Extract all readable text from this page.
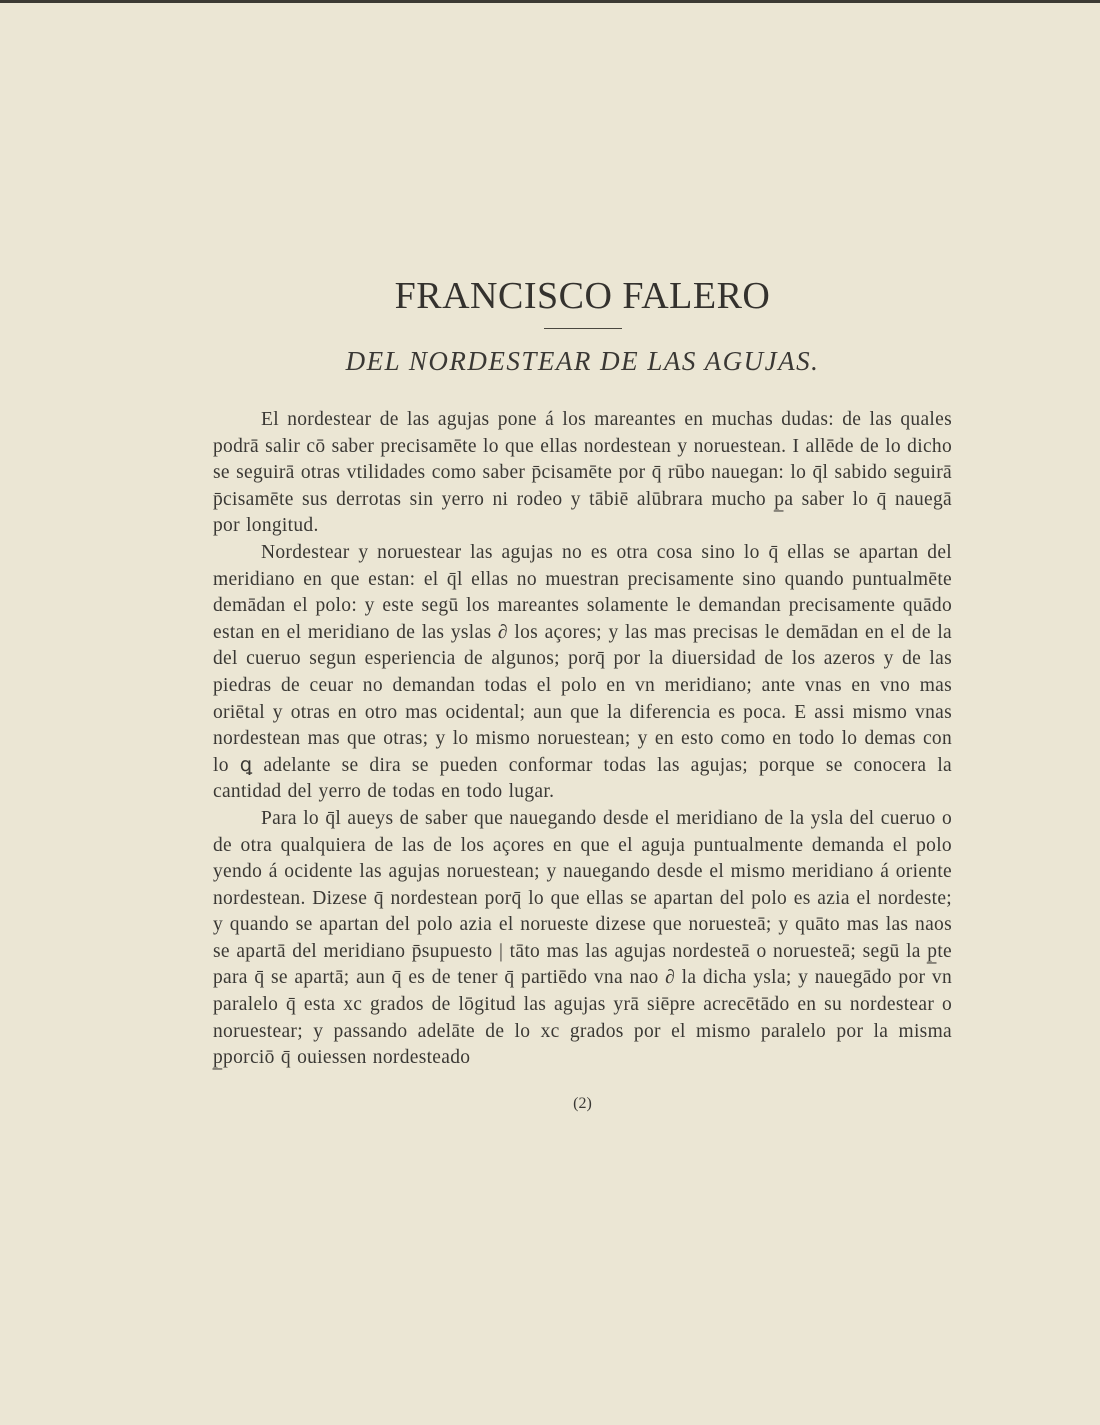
FRANCISCO FALERO
DEL NORDESTEAR DE LAS AGUJAS.

El nordestear de las agujas pone á los mareantes en muchas dudas: de las quales podrā salir cō saber precisamēte lo que ellas nordestean y noruestean. I allēde de lo dicho se seguirā otras vtilidades como saber p̄cisamēte por q̄ rūbo nauegan: lo q̄l sabido seguirā p̄cisamēte sus derrotas sin yerro ni rodeo y tābiē alūbrara mucho p̲a saber lo q̄ nauegā por longitud.

Nordestear y noruestear las agujas no es otra cosa sino lo q̄ ellas se apartan del meridiano en que estan: el q̄l ellas no muestran precisamente sino quando puntualmēte demādan el polo: y este segū los mareantes solamente le demandan precisamente quādo estan en el meridiano de las yslas ∂ los açores; y las mas precisas le demādan en el de la del cueruo segun esperiencia de algunos; porq̄ por la diuersidad de los azeros y de las piedras de ceuar no demandan todas el polo en vn meridiano; ante vnas en vno mas oriētal y otras en otro mas ocidental; aun que la diferencia es poca. E assi mismo vnas nordestean mas que otras; y lo mismo noruestean; y en esto como en todo lo demas con lo ꝗ adelante se dira se pueden conformar todas las agujas; porque se conocera la cantidad del yerro de todas en todo lugar.

Para lo q̄l aueys de saber que nauegando desde el meridiano de la ysla del cueruo o de otra qualquiera de las de los açores en que el aguja puntualmente demanda el polo yendo á ocidente las agujas noruestean; y nauegando desde el mismo meridiano á oriente nordestean. Dizese q̄ nordestean porq̄ lo que ellas se apartan del polo es azia el nordeste; y quando se apartan del polo azia el norueste dizese que noruesteā; y quāto mas las naos se apartā del meridiano p̄supuesto | tāto mas las agujas nordesteā o noruesteā; segū la p̲te para q̄ se apartā; aun q̄ es de tener q̄ partiēdo vna nao ∂ la dicha ysla; y nauegādo por vn paralelo q̄ esta xc grados de lōgitud las agujas yrā siēpre acrecētādo en su nordestear o noruestear; y passando adelāte de lo xc grados por el mismo paralelo por la misma p̲porciō q̄ ouiessen nordesteado

(2)
